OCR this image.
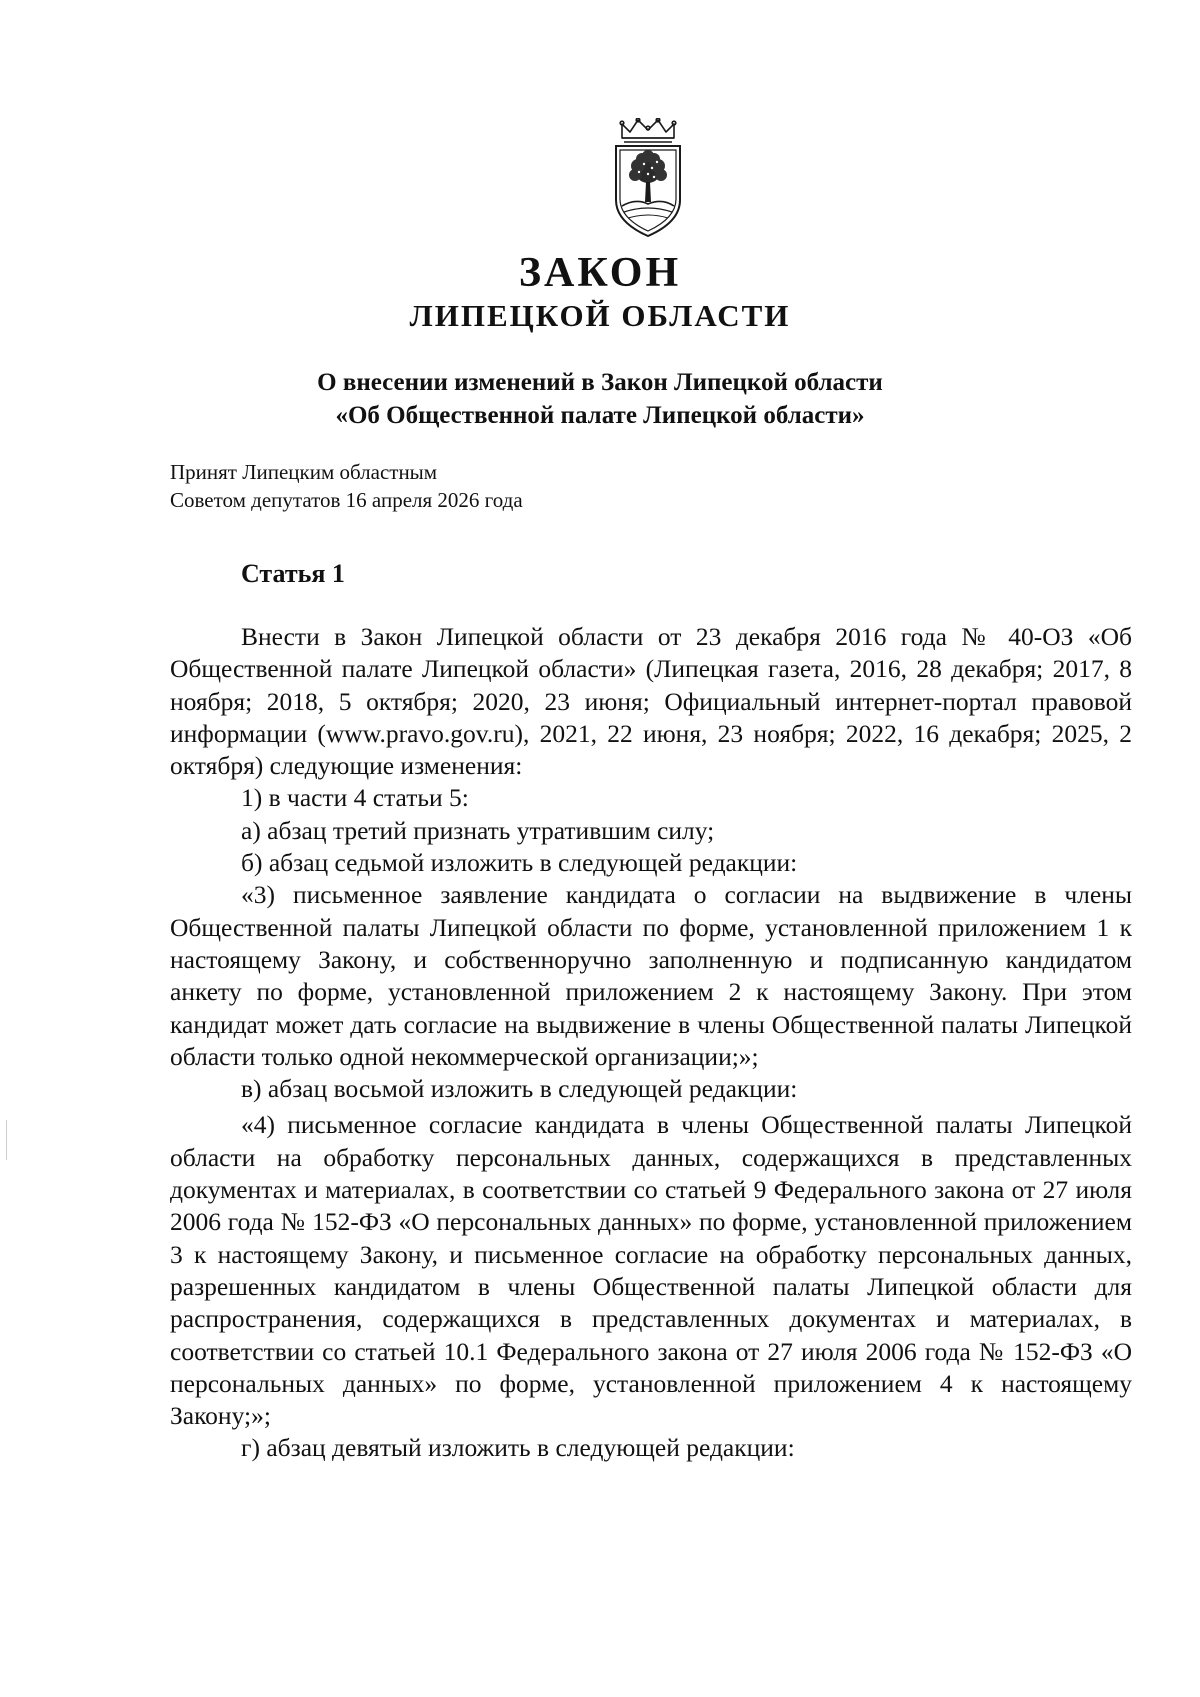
ЗАКОН
ЛИПЕЦКОЙ ОБЛАСТИ
О внесении изменений в Закон Липецкой области
«Об Общественной палате Липецкой области»
Принят Липецким областным
Советом депутатов 16 апреля 2026 года
Статья 1

Внести в Закон Липецкой области от 23 декабря 2016 года № 40-ОЗ «Об Общественной палате Липецкой области» (Липецкая газета, 2016, 28 декабря; 2017, 8 ноября; 2018, 5 октября; 2020, 23 июня; Официальный интернет-портал правовой информации (www.pravo.gov.ru), 2021, 22 июня, 23 ноября; 2022, 16 декабря; 2025, 2 октября) следующие изменения:

1) в части 4 статьи 5:

а) абзац третий признать утратившим силу;

б) абзац седьмой изложить в следующей редакции:

«3) письменное заявление кандидата о согласии на выдвижение в члены Общественной палаты Липецкой области по форме, установленной приложением 1 к настоящему Закону, и собственноручно заполненную и подписанную кандидатом анкету по форме, установленной приложением 2 к настоящему Закону. При этом кандидат может дать согласие на выдвижение в члены Общественной палаты Липецкой области только одной некоммерческой организации;»;

в) абзац восьмой изложить в следующей редакции:

«4) письменное согласие кандидата в члены Общественной палаты Липецкой области на обработку персональных данных, содержащихся в представленных документах и материалах, в соответствии со статьей 9 Федерального закона от 27 июля 2006 года № 152-ФЗ «О персональных данных» по форме, установленной приложением 3 к настоящему Закону, и письменное согласие на обработку персональных данных, разрешенных кандидатом в члены Общественной палаты Липецкой области для распространения, содержащихся в представленных документах и материалах, в соответствии со статьей 10.1 Федерального закона от 27 июля 2006 года № 152-ФЗ «О персональных данных» по форме, установленной приложением 4 к настоящему Закону;»;

г) абзац девятый изложить в следующей редакции:
